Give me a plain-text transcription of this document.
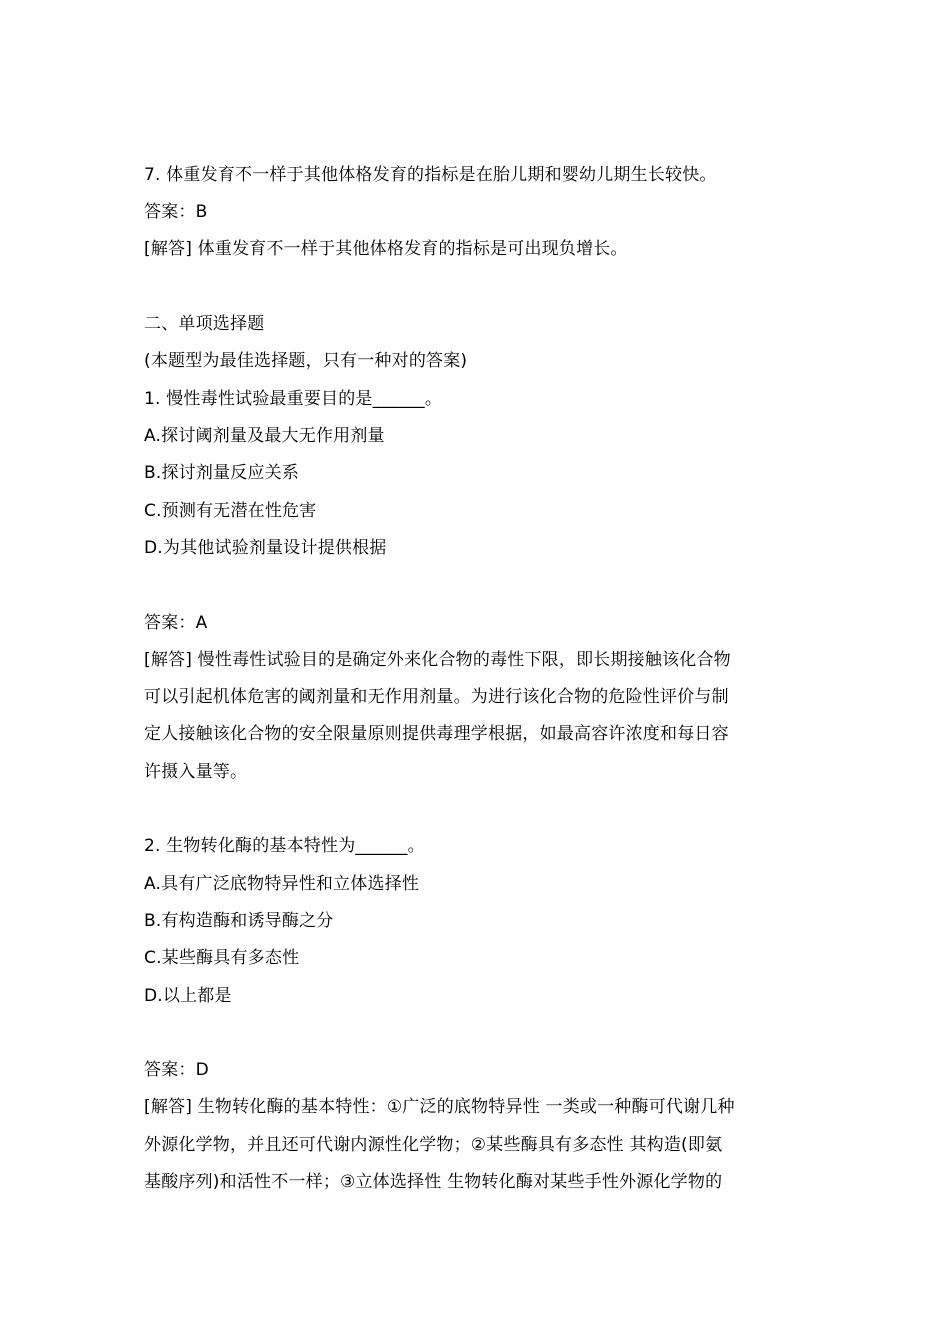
7. 体重发育不一样于其他体格发育的指标是在胎儿期和婴幼儿期生长较快。
答案：B
[解答] 体重发育不一样于其他体格发育的指标是可出现负增长。
二、单项选择题
(本题型为最佳选择题，只有一种对的答案)
1. 慢性毒性试验最重要目的是______。
A.探讨阈剂量及最大无作用剂量
B.探讨剂量反应关系
C.预测有无潜在性危害
D.为其他试验剂量设计提供根据
答案：A
[解答] 慢性毒性试验目的是确定外来化合物的毒性下限，即长期接触该化合物
可以引起机体危害的阈剂量和无作用剂量。为进行该化合物的危险性评价与制
定人接触该化合物的安全限量原则提供毒理学根据，如最高容许浓度和每日容
许摄入量等。
2. 生物转化酶的基本特性为______。
A.具有广泛底物特异性和立体选择性
B.有构造酶和诱导酶之分
C.某些酶具有多态性
D.以上都是
答案：D
[解答] 生物转化酶的基本特性：①广泛的底物特异性 一类或一种酶可代谢几种
外源化学物，并且还可代谢内源性化学物；②某些酶具有多态性 其构造(即氨
基酸序列)和活性不一样；③立体选择性 生物转化酶对某些手性外源化学物的
